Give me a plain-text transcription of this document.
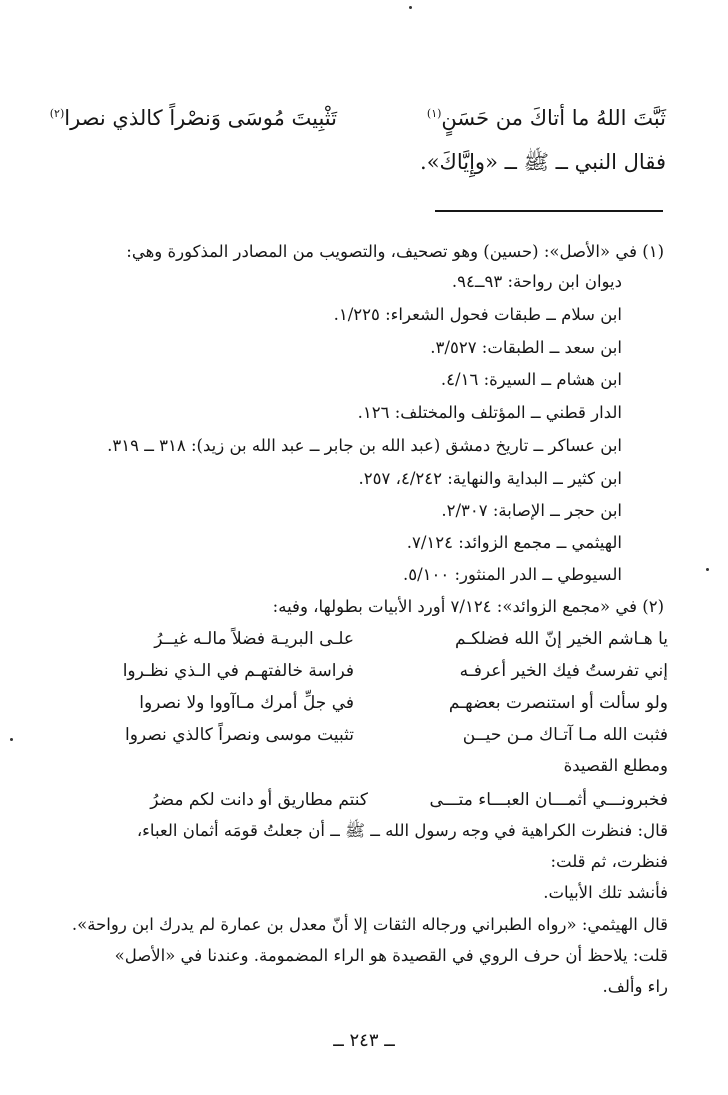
ثَبَّتَ اللهُ ما أتاكَ من حَسَنٍ$^{(١)}$
تَثْبِيتَ مُوسَى وَنصْراً كالذي نصرا$^{(٢)}$
فقال النبي ــ ﷺ ــ «وإِيَّاكَ».
(١) في «الأصل»: (حسين) وهو تصحيف، والتصويب من المصادر المذكورة وهي:
ديوان ابن رواحة: ٩٣ــ٩٤.
ابن سلام ــ طبقات فحول الشعراء: ١/٢٢٥.
ابن سعد ــ الطبقات: ٣/٥٢٧.
ابن هشام ــ السيرة: ٤/١٦.
الدار قطني ــ المؤتلف والمختلف: ١٢٦.
ابن عساكر ــ تاريخ دمشق (عبد الله بن جابر ــ عبد الله بن زيد): ٣١٨ ــ ٣١٩.
ابن كثير ــ البداية والنهاية: ٤/٢٤٢، ٢٥٧.
ابن حجر ــ الإصابة: ٢/٣٠٧.
الهيثمي ــ مجمع الزوائد: ٧/١٢٤.
السيوطي ــ الدر المنثور: ٥/١٠٠.
(٢) في «مجمع الزوائد»: ٧/١٢٤ أورد الأبيات بطولها، وفيه:
يا هـاشم الخير إنّ الله فضلكـم
علـى البريـة فضلاً مالـه غيــرُ
إني تفرستُ فيك الخير أعرفـه
فراسة خالفتهـم في الـذي نظـروا
ولو سألت أو استنصرت بعضهـم
في جلِّ أمرك مـاآووا ولا نصروا
فثبت الله مـا آتـاك مـن حيــن
تثبيت موسى ونصراً كالذي نصروا
ومطلع القصيدة
فخبرونـــي أثمـــان العبـــاء متـــى
كنتم مطاريق أو دانت لكم مضرُ
قال: فنظرت الكراهية في وجه رسول الله ــ ﷺ ــ أن جعلتُ قومَه أثمان العباء،
فنظرت، ثم قلت:
فأنشد تلك الأبيات.
قال الهيثمي: «رواه الطبراني ورجاله الثقات إلا أنّ معدل بن عمارة لم يدرك ابن رواحة».
قلت: يلاحظ أن حرف الروي في القصيدة هو الراء المضمومة. وعندنا في «الأصل»
راء وألف.
ــ ٢٤٣ ــ
